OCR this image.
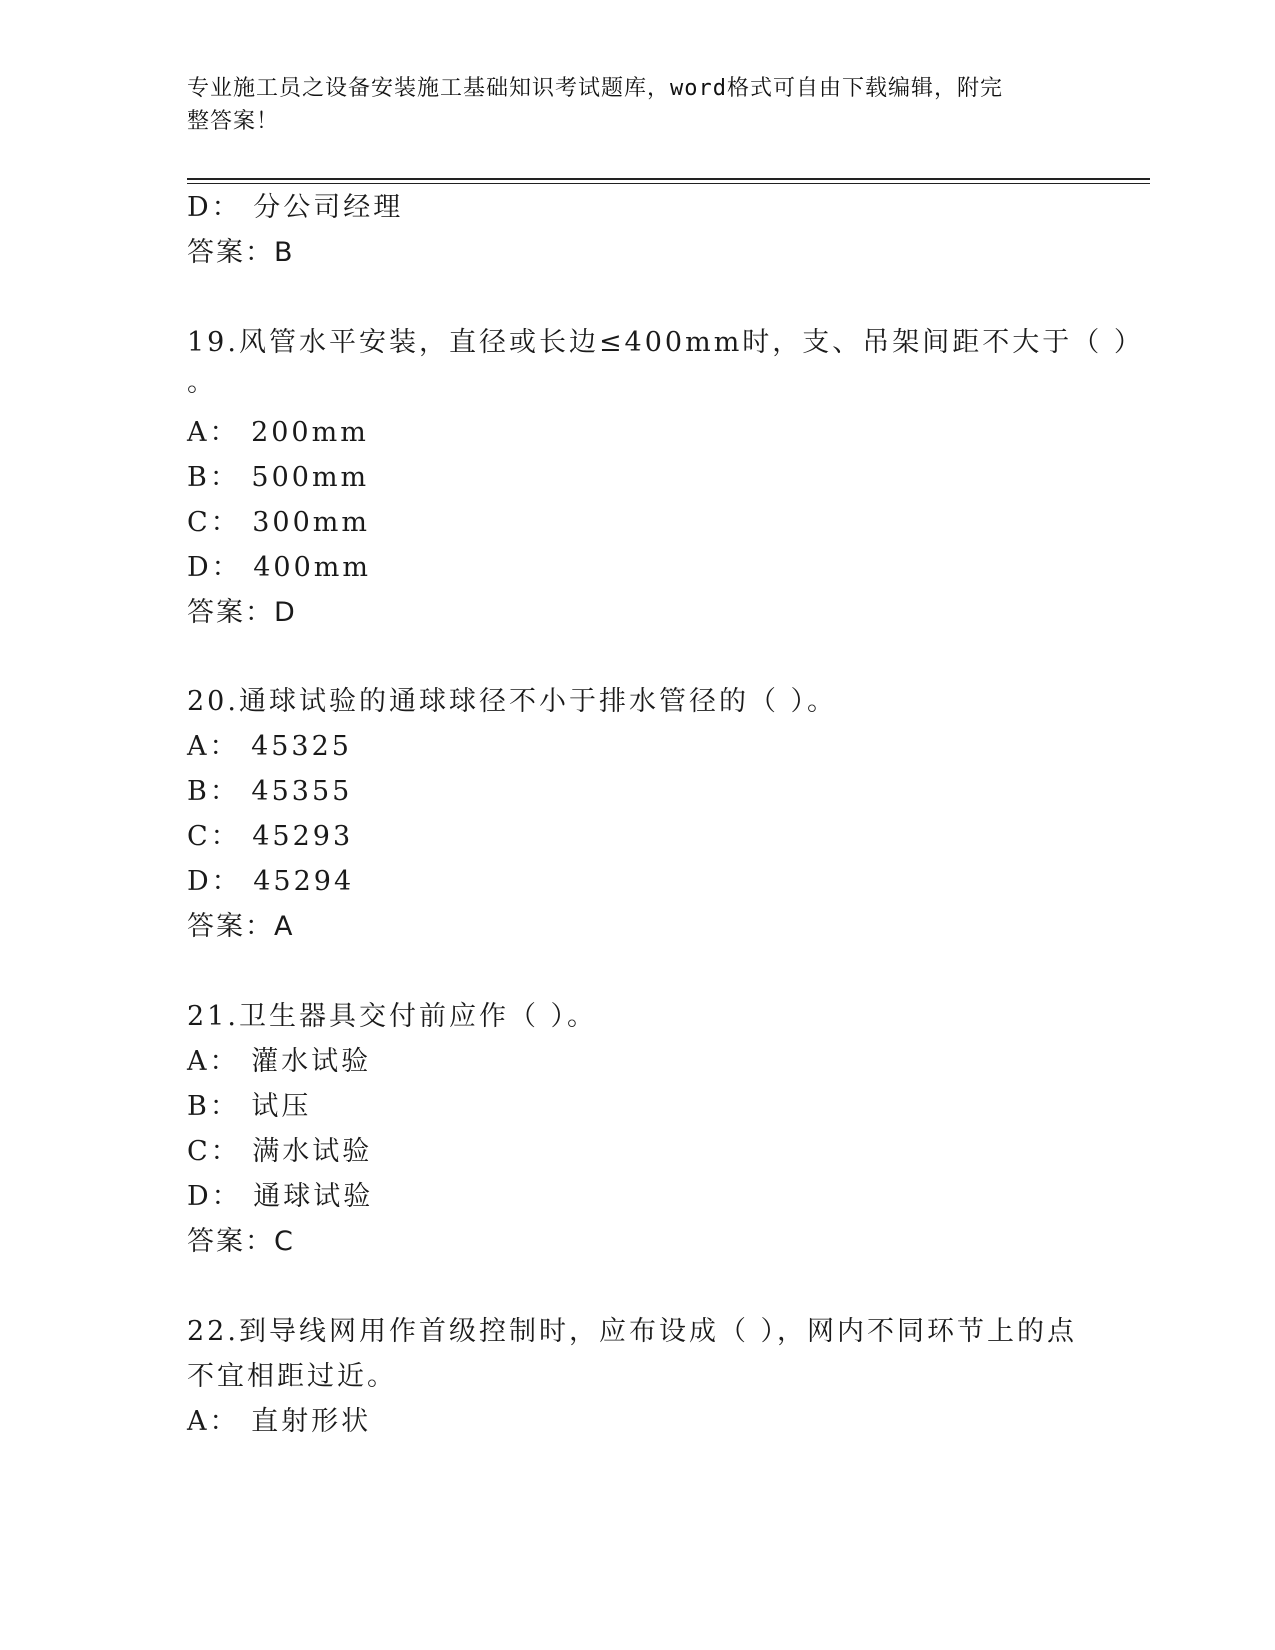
专业施工员之设备安装施工基础知识考试题库，word格式可自由下载编辑，附完
整答案！
D： 分公司经理
答案：B
19.风管水平安装，直径或长边≤400mm时，支、吊架间距不大于（ ）
。
A： 200mm
B： 500mm
C： 300mm
D： 400mm
答案：D
20.通球试验的通球球径不小于排水管径的（ ）。
A： 45325
B： 45355
C： 45293
D： 45294
答案：A
21.卫生器具交付前应作（ ）。
A： 灌水试验
B： 试压
C： 满水试验
D： 通球试验
答案：C
22.到导线网用作首级控制时，应布设成（ ），网内不同环节上的点
不宜相距过近。
A： 直射形状
